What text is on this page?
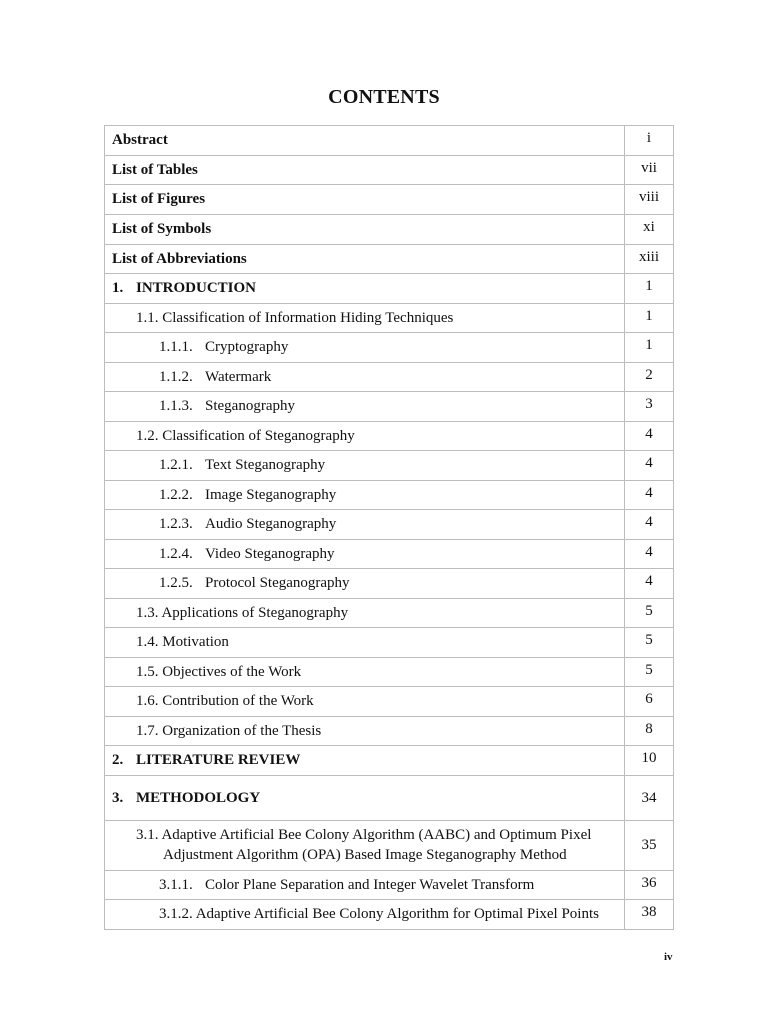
CONTENTS
Abstract	i
List of Tables	vii
List of Figures	viii
List of Symbols	xi
List of Abbreviations	xiii
1. INTRODUCTION	1
1.1. Classification of Information Hiding Techniques	1
1.1.1. Cryptography	1
1.1.2. Watermark	2
1.1.3. Steganography	3
1.2. Classification of Steganography	4
1.2.1. Text Steganography	4
1.2.2. Image Steganography	4
1.2.3. Audio Steganography	4
1.2.4. Video Steganography	4
1.2.5. Protocol Steganography	4
1.3. Applications of Steganography	5
1.4. Motivation	5
1.5. Objectives of the Work	5
1.6. Contribution of the Work	6
1.7. Organization of the Thesis	8
2. LITERATURE REVIEW	10
3. METHODOLOGY	34
3.1. Adaptive Artificial Bee Colony Algorithm (AABC) and Optimum Pixel
Adjustment Algorithm (OPA) Based Image Steganography Method	35
3.1.1. Color Plane Separation and Integer Wavelet Transform	36
3.1.2. Adaptive Artificial Bee Colony Algorithm for Optimal Pixel Points	38
iv
